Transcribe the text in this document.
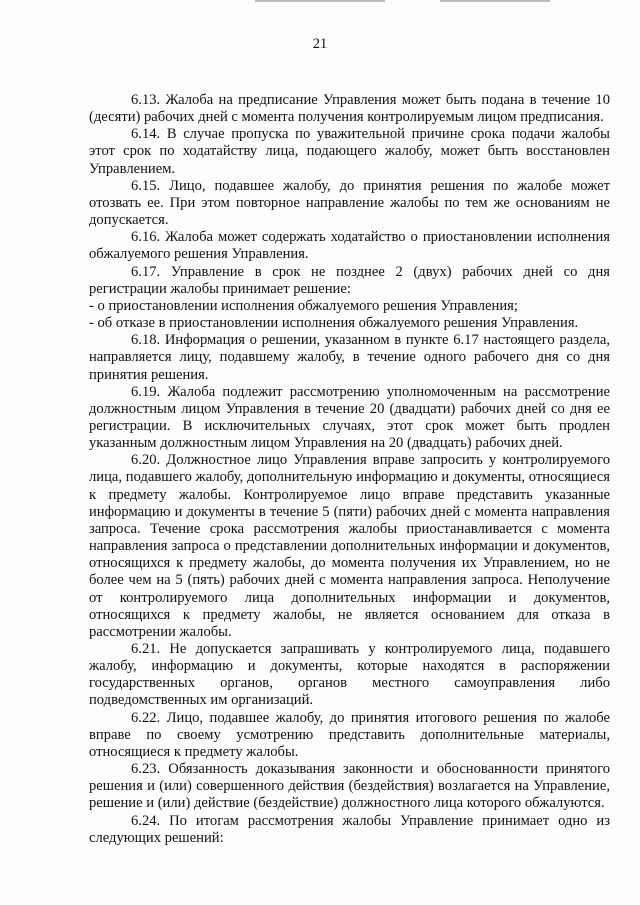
21

6.13. Жалоба на предписание Управления может быть подана в течение 10 (десяти) рабочих дней с момента получения контролируемым лицом предписания.

6.14. В случае пропуска по уважительной причине срока подачи жалобы этот срок по ходатайству лица, подающего жалобу, может быть восстановлен Управлением.

6.15. Лицо, подавшее жалобу, до принятия решения по жалобе может отозвать ее. При этом повторное направление жалобы по тем же основаниям не допускается.

6.16. Жалоба может содержать ходатайство о приостановлении исполнения обжалуемого решения Управления.

6.17. Управление в срок не позднее 2 (двух) рабочих дней со дня регистрации жалобы принимает решение:

- о приостановлении исполнения обжалуемого решения Управления;

- об отказе в приостановлении исполнения обжалуемого решения Управления.

6.18. Информация о решении, указанном в пункте 6.17 настоящего раздела, направляется лицу, подавшему жалобу, в течение одного рабочего дня со дня принятия решения.

6.19. Жалоба подлежит рассмотрению уполномоченным на рассмотрение должностным лицом Управления в течение 20 (двадцати) рабочих дней со дня ее регистрации. В исключительных случаях, этот срок может быть продлен указанным должностным лицом Управления на 20 (двадцать) рабочих дней.

6.20. Должностное лицо Управления вправе запросить у контролируемого лица, подавшего жалобу, дополнительную информацию и документы, относящиеся к предмету жалобы. Контролируемое лицо вправе представить указанные информацию и документы в течение 5 (пяти) рабочих дней с момента направления запроса. Течение срока рассмотрения жалобы приостанавливается с момента направления запроса о представлении дополнительных информации и документов, относящихся к предмету жалобы, до момента получения их Управлением, но не более чем на 5 (пять) рабочих дней с момента направления запроса. Неполучение от контролируемого лица дополнительных информации и документов, относящихся к предмету жалобы, не является основанием для отказа в рассмотрении жалобы.

6.21. Не допускается запрашивать у контролируемого лица, подавшего жалобу, информацию и документы, которые находятся в распоряжении государственных органов, органов местного самоуправления либо подведомственных им организаций.

6.22. Лицо, подавшее жалобу, до принятия итогового решения по жалобе вправе по своему усмотрению представить дополнительные материалы, относящиеся к предмету жалобы.

6.23. Обязанность доказывания законности и обоснованности принятого решения и (или) совершенного действия (бездействия) возлагается на Управление, решение и (или) действие (бездействие) должностного лица которого обжалуются.

6.24. По итогам рассмотрения жалобы Управление принимает одно из следующих решений:
